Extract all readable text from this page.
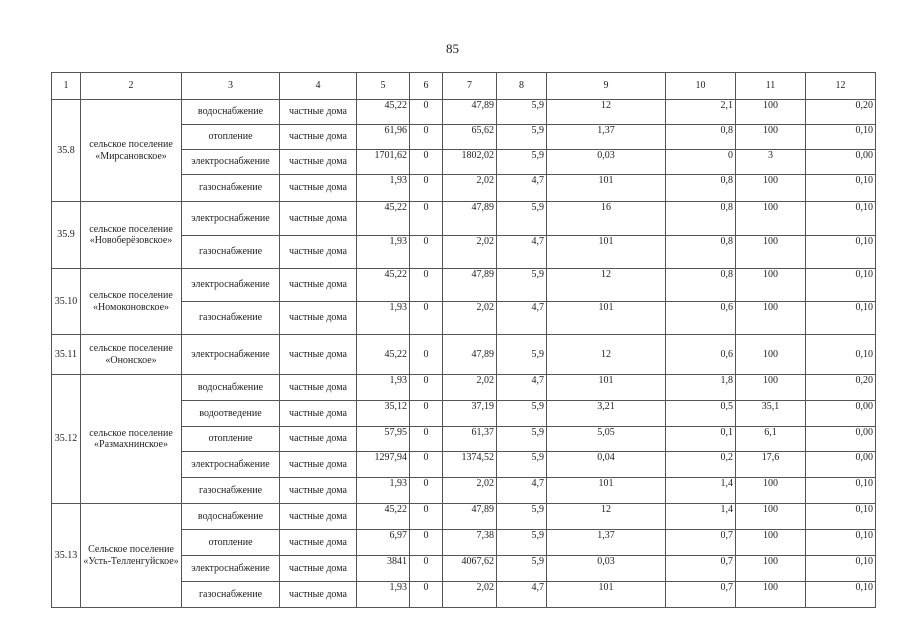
85
1	2	3	4	5	6	7	8	9	10	11	12
35.8	сельское поселение «Мирсановское»	водоснабжение	частные дома	45,22	0	47,89	5,9	12	2,1	100	0,20
		отопление	частные дома	61,96	0	65,62	5,9	1,37	0,8	100	0,10
		электроснабжение	частные дома	1701,62	0	1802,02	5,9	0,03	0	3	0,00
		газоснабжение	частные дома	1,93	0	2,02	4,7	101	0,8	100	0,10
35.9	сельское поселение «Новоберёзовское»	электроснабжение	частные дома	45,22	0	47,89	5,9	16	0,8	100	0,10
		газоснабжение	частные дома	1,93	0	2,02	4,7	101	0,8	100	0,10
35.10	сельское поселение «Номоконовское»	электроснабжение	частные дома	45,22	0	47,89	5,9	12	0,8	100	0,10
		газоснабжение	частные дома	1,93	0	2,02	4,7	101	0,6	100	0,10
35.11	сельское поселение «Ононское»	электроснабжение	частные дома	45,22	0	47,89	5,9	12	0,6	100	0,10
35.12	сельское поселение «Размахнинское»	водоснабжение	частные дома	1,93	0	2,02	4,7	101	1,8	100	0,20
		водоотведение	частные дома	35,12	0	37,19	5,9	3,21	0,5	35,1	0,00
		отопление	частные дома	57,95	0	61,37	5,9	5,05	0,1	6,1	0,00
		электроснабжение	частные дома	1297,94	0	1374,52	5,9	0,04	0,2	17,6	0,00
		газоснабжение	частные дома	1,93	0	2,02	4,7	101	1,4	100	0,10
35.13	Сельское поселение «Усть-Телленгуйское»	водоснабжение	частные дома	45,22	0	47,89	5,9	12	1,4	100	0,10
		отопление	частные дома	6,97	0	7,38	5,9	1,37	0,7	100	0,10
		электроснабжение	частные дома	3841	0	4067,62	5,9	0,03	0,7	100	0,10
		газоснабжение	частные дома	1,93	0	2,02	4,7	101	0,7	100	0,10
